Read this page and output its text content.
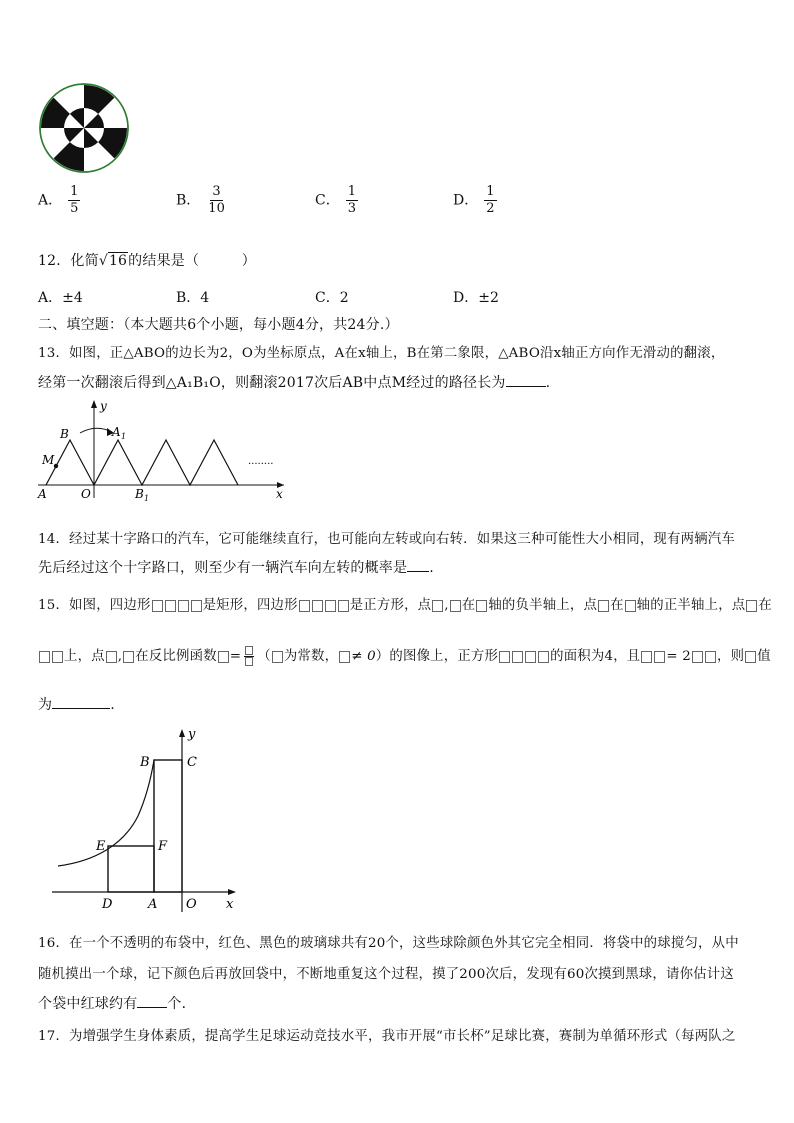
A． $\frac{1}{5}$	B． $\frac{3}{10}$	C． $\frac{1}{3}$	D． $\frac{1}{2}$
12．化简√16的结果是（　　　）
A．±4	B．4	C．2	D．±2
二、填空题：（本大题共6个小题，每小题4分，共24分.）
13．如图，正△ABO的边长为2，O为坐标原点，A在x轴上，B在第二象限，△ABO沿x轴正方向作无滑动的翻滚，
经第一次翻滚后得到△A₁B₁O，则翻滚2017次后AB中点M经过的路径长为	.
........
y
x
B	A 1
M
A	O	B 1
14．经过某十字路口的汽车，它可能继续直行，也可能向左转或向右转．如果这三种可能性大小相同，现有两辆汽车
先后经过这个十字路口，则至少有一辆汽车向左转的概率是 .
15．如图，四边形	是矩形，四边形	是正方形，点 , 在 轴的负半轴上，点 在 轴的正半轴上，点 在
上，点 , 在反比例函数 = （ 为常数， ≠ 0）的图像上，正方形	的面积为4，且 = 2 ，则 值
为	.
y
x
B	C
E	F
D	A O
16．在一个不透明的布袋中，红色、黑色的玻璃球共有20个，这些球除颜色外其它完全相同．将袋中的球搅匀，从中
随机摸出一个球，记下颜色后再放回袋中，不断地重复这个过程，摸了200次后，发现有60次摸到黑球，请你估计这
个袋中红球约有 个．
17．为增强学生身体素质，提高学生足球运动竞技水平，我市开展“市长杯”足球比赛，赛制为单循环形式（每两队之
